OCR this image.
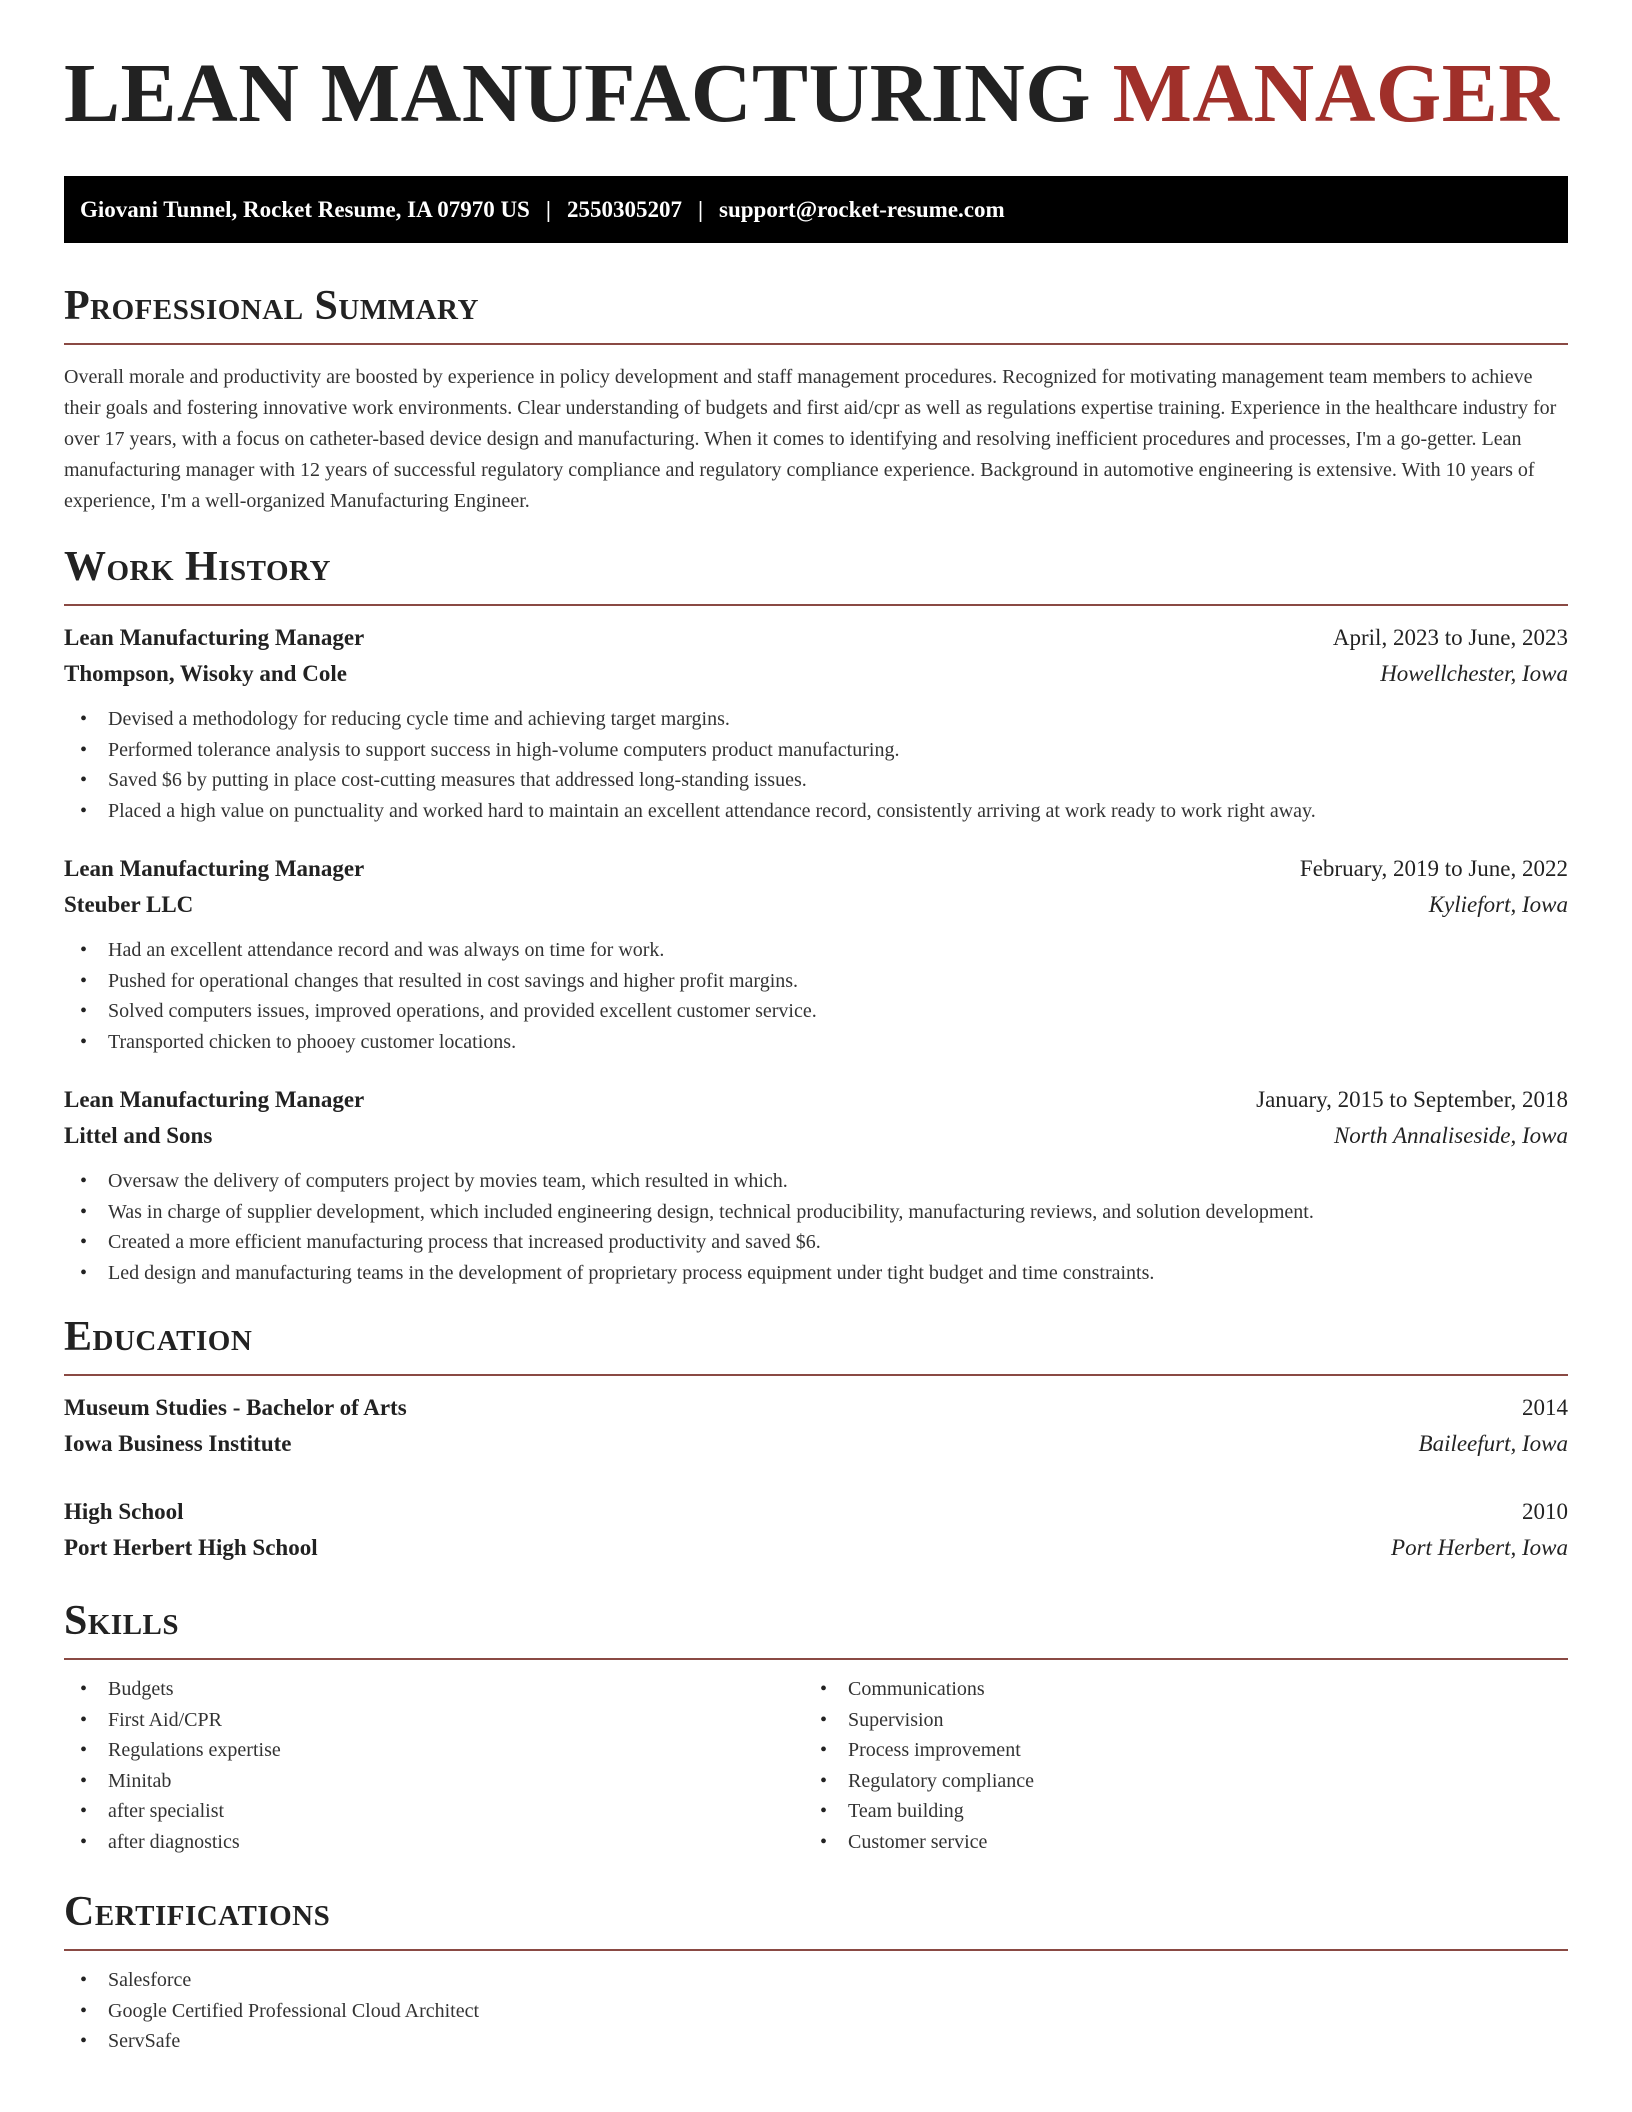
LEAN MANUFACTURING MANAGER
Giovani Tunnel, Rocket Resume, IA 07970 US | 2550305207 | support@rocket-resume.com
Professional Summary

Overall morale and productivity are boosted by experience in policy development and staff management procedures. Recognized for motivating management team members to achieve their goals and fostering innovative work environments. Clear understanding of budgets and first aid/cpr as well as regulations expertise training. Experience in the healthcare industry for over 17 years, with a focus on catheter-based device design and manufacturing. When it comes to identifying and resolving inefficient procedures and processes, I'm a go-getter. Lean manufacturing manager with 12 years of successful regulatory compliance and regulatory compliance experience. Background in automotive engineering is extensive. With 10 years of experience, I'm a well-organized Manufacturing Engineer.

Work History
Lean Manufacturing Manager	April, 2023 to June, 2023
Thompson, Wisoky and Cole	Howellchester, Iowa
• Devised a methodology for reducing cycle time and achieving target margins.
• Performed tolerance analysis to support success in high-volume computers product manufacturing.
• Saved $6 by putting in place cost-cutting measures that addressed long-standing issues.
• Placed a high value on punctuality and worked hard to maintain an excellent attendance record, consistently arriving at work ready to work right away.
Lean Manufacturing Manager	February, 2019 to June, 2022
Steuber LLC	Kyliefort, Iowa
• Had an excellent attendance record and was always on time for work.
• Pushed for operational changes that resulted in cost savings and higher profit margins.
• Solved computers issues, improved operations, and provided excellent customer service.
• Transported chicken to phooey customer locations.
Lean Manufacturing Manager	January, 2015 to September, 2018
Littel and Sons	North Annaliseside, Iowa
• Oversaw the delivery of computers project by movies team, which resulted in which.
• Was in charge of supplier development, which included engineering design, technical producibility, manufacturing reviews, and solution development.
• Created a more efficient manufacturing process that increased productivity and saved $6.
• Led design and manufacturing teams in the development of proprietary process equipment under tight budget and time constraints.
Education
Museum Studies - Bachelor of Arts	2014
Iowa Business Institute	Baileefurt, Iowa
High School	2010
Port Herbert High School	Port Herbert, Iowa
Skills
• Budgets
• First Aid/CPR
• Regulations expertise
• Minitab
• after specialist
• after diagnostics
• Communications
• Supervision
• Process improvement
• Regulatory compliance
• Team building
• Customer service
Certifications
• Salesforce
• Google Certified Professional Cloud Architect
• ServSafe
